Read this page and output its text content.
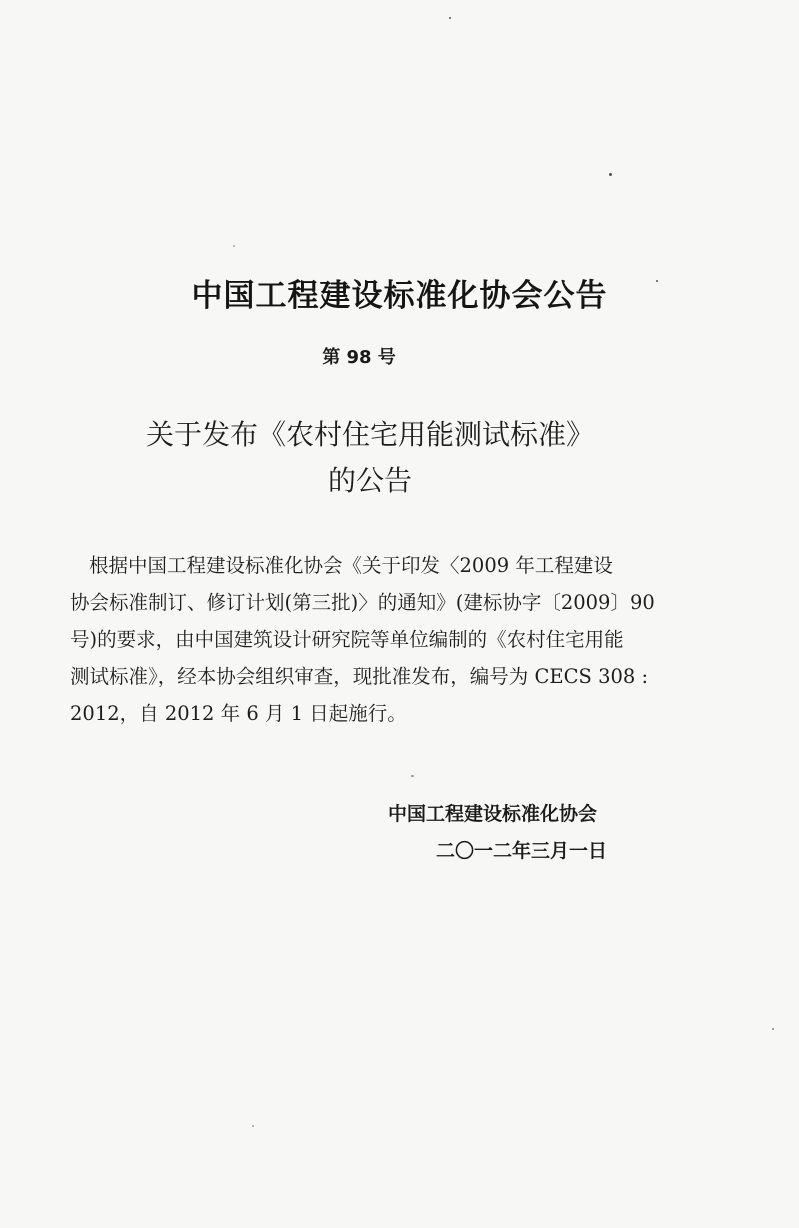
中国工程建设标准化协会公告
第 98 号
关于发布《农村住宅用能测试标准》
的公告
根据中国工程建设标准化协会《关于印发〈2009 年工程建设
协会标准制订、修订计划(第三批)〉的通知》(建标协字〔2009〕90
号)的要求，由中国建筑设计研究院等单位编制的《农村住宅用能
测试标准》，经本协会组织审查，现批准发布，编号为 CECS 308 :
2012，自 2012 年 6 月 1 日起施行。
中国工程建设标准化协会
二〇一二年三月一日
